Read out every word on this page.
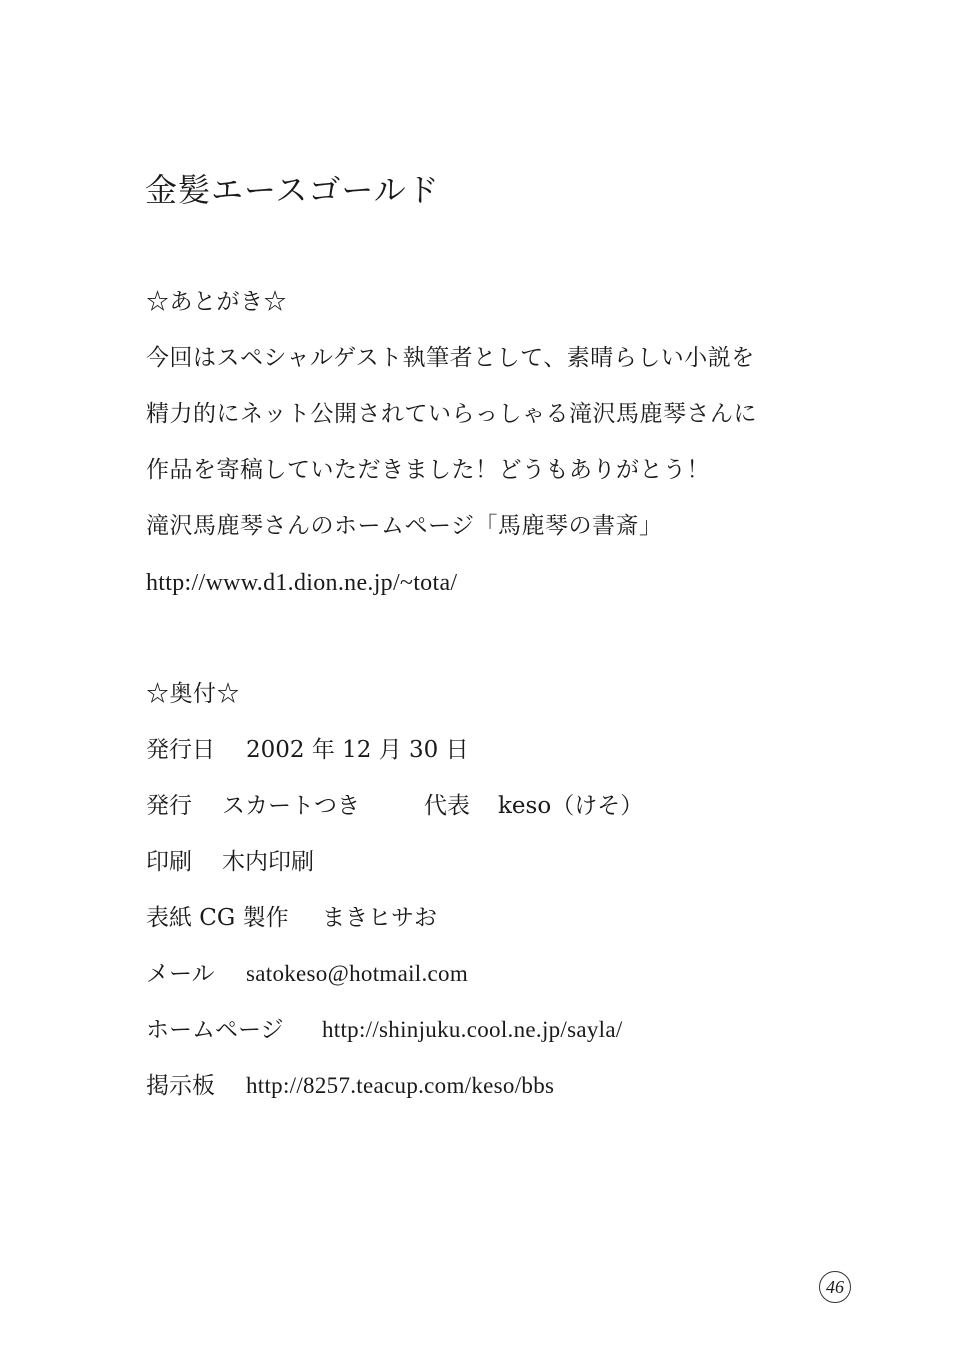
金髪エースゴールド
☆あとがき☆
今回はスペシャルゲスト執筆者として、素晴らしい小説を
精力的にネット公開されていらっしゃる滝沢馬鹿琴さんに
作品を寄稿していただきました！どうもありがとう！
滝沢馬鹿琴さんのホームページ「馬鹿琴の書斎」
http://www.d1.dion.ne.jp/~tota/
☆奥付☆
発行日 2002 年 12 月 30 日
発行 スカートつき	代表 keso（けそ）
印刷 木内印刷
表紙 CG 製作 まきヒサお
メール satokeso@hotmail.com
ホームページ http://shinjuku.cool.ne.jp/sayla/
掲示板 http://8257.teacup.com/keso/bbs
46
